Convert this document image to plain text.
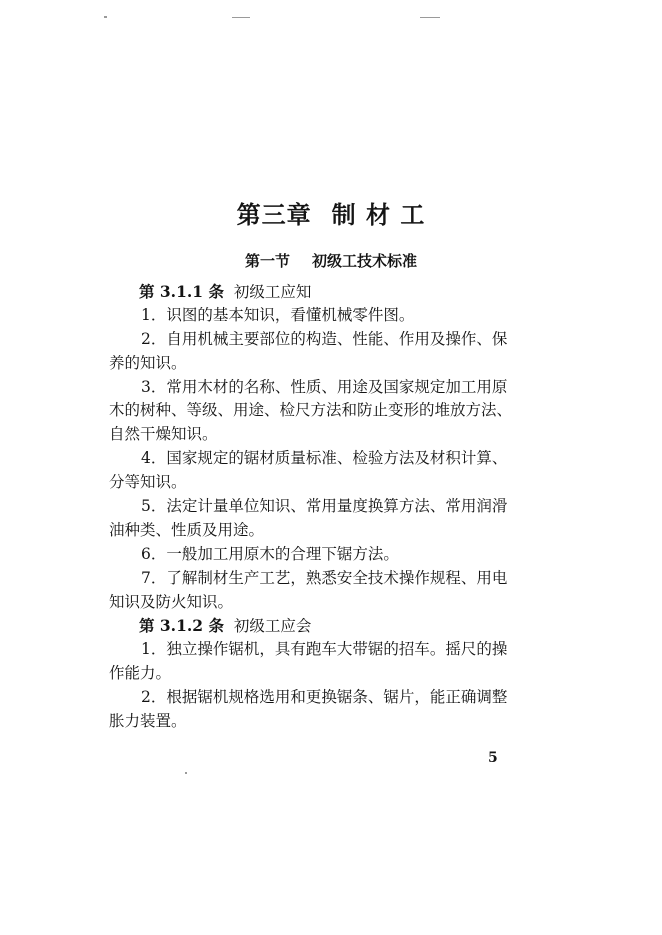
第三章 制 材 工
第一节 初级工技术标准
第 3.1.1 条 初级工应知
1．识图的基本知识，看懂机械零件图。
2．自用机械主要部位的构造、性能、作用及操作、保
养的知识。
3．常用木材的名称、性质、用途及国家规定加工用原
木的树种、等级、用途、检尺方法和防止变形的堆放方法、
自然干燥知识。
4．国家规定的锯材质量标准、检验方法及材积计算、
分等知识。
5．法定计量单位知识、常用量度换算方法、常用润滑
油种类、性质及用途。
6．一般加工用原木的合理下锯方法。
7．了解制材生产工艺，熟悉安全技术操作规程、用电
知识及防火知识。
第 3.1.2 条 初级工应会
1．独立操作锯机，具有跑车大带锯的招车。摇尺的操
作能力。
2．根据锯机规格选用和更换锯条、锯片，能正确调整
胀力装置。
5
